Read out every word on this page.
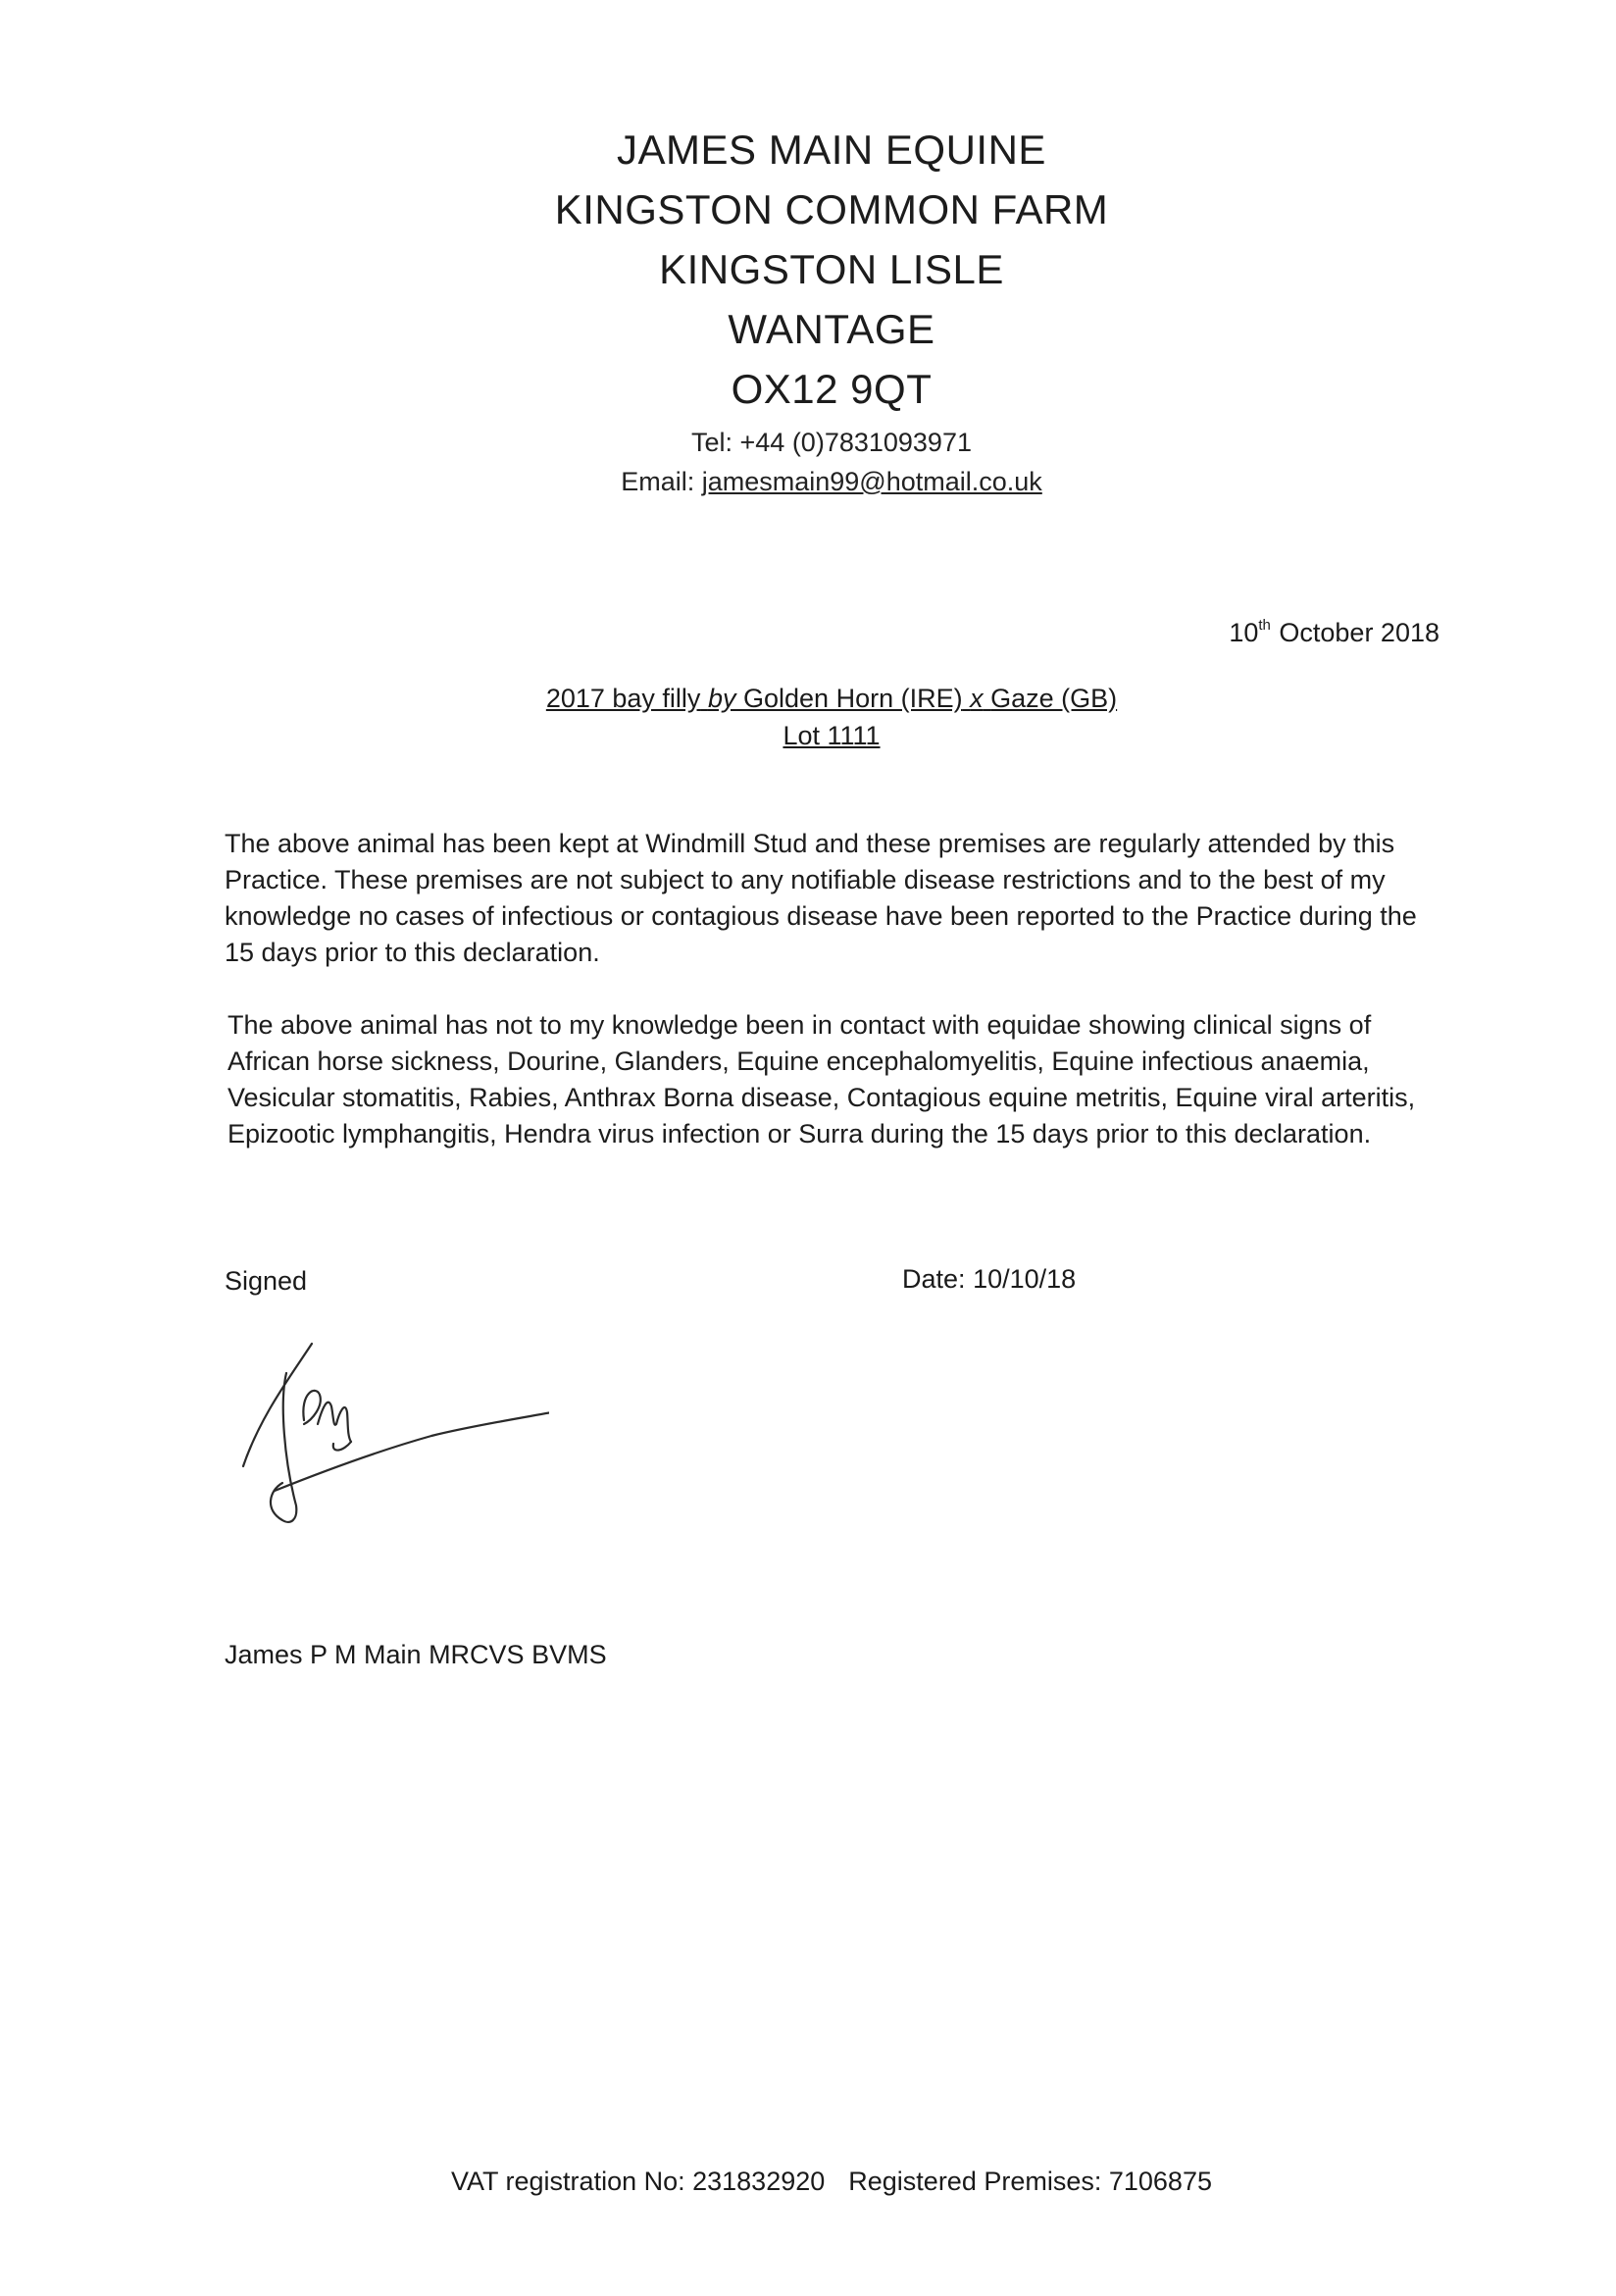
JAMES MAIN EQUINE
KINGSTON COMMON FARM
KINGSTON LISLE
WANTAGE
OX12 9QT
Tel: +44 (0)7831093971
Email: jamesmain99@hotmail.co.uk
10th October 2018
2017 bay filly by Golden Horn (IRE) x Gaze (GB)
Lot 1111
The above animal has been kept at Windmill Stud and these premises are regularly attended by this Practice. These premises are not subject to any notifiable disease restrictions and to the best of my knowledge no cases of infectious or contagious disease have been reported to the Practice during the 15 days prior to this declaration.
The above animal has not to my knowledge been in contact with equidae showing clinical signs of African horse sickness, Dourine, Glanders, Equine encephalomyelitis, Equine infectious anaemia, Vesicular stomatitis, Rabies, Anthrax Borna disease, Contagious equine metritis, Equine viral arteritis, Epizootic lymphangitis, Hendra virus infection or Surra during the 15 days prior to this declaration.
Signed	Date: 10/10/18
James P M Main MRCVS BVMS
VAT registration No: 231832920 Registered Premises: 7106875
